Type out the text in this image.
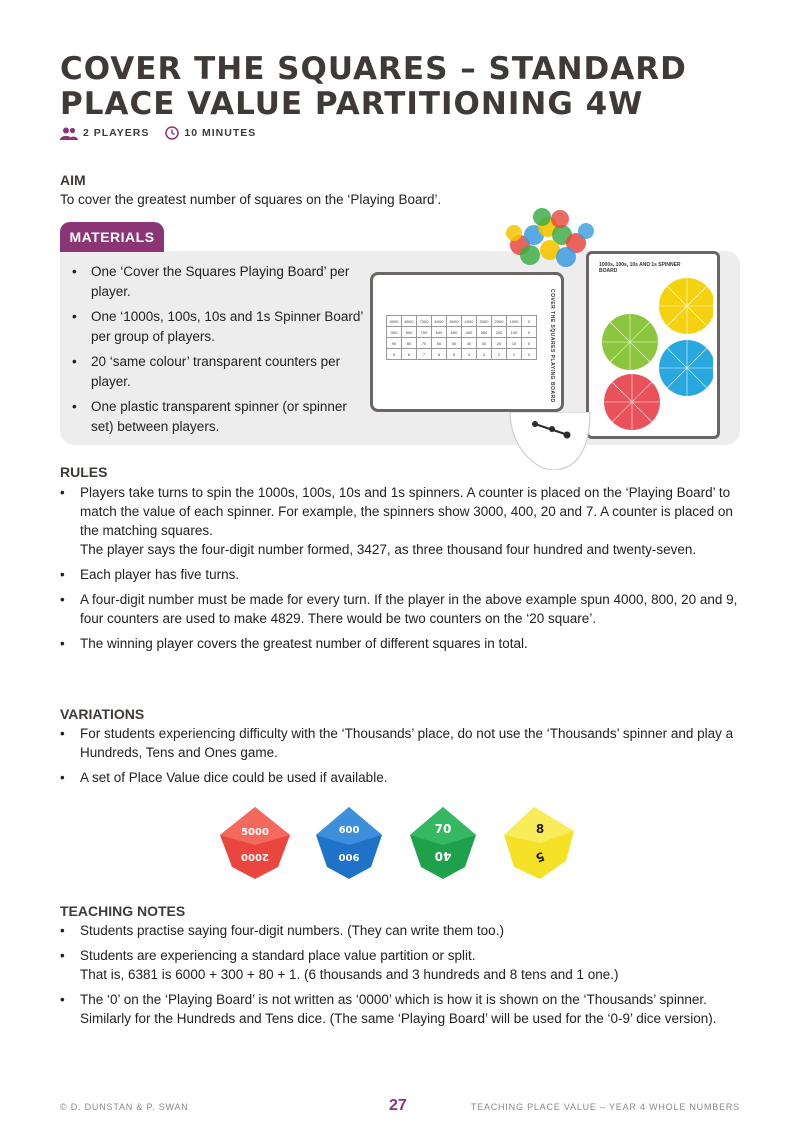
COVER THE SQUARES – STANDARD PLACE VALUE PARTITIONING 4W
2 PLAYERS	10 MINUTES
AIM
To cover the greatest number of squares on the ‘Playing Board’.
MATERIALS
• One ‘Cover the Squares Playing Board’ per player.
• One ‘1000s, 100s, 10s and 1s Spinner Board’ per group of players.
• 20 ‘same colour’ transparent counters per player.
• One plastic transparent spinner (or spinner set) between players.
COVER THE SQUARES PLAYING BOARD
9000	8000	7000	6000	5000	4000	3000	2000	1000	0
900	800	700	600	500	400	300	200	100	0
90	80	70	60	50	40	30	20	10	0
9	8	7	6	5	4	3	2	1	0
1000s, 100s, 10s AND 1s SPINNER BOARD
RULES
• Players take turns to spin the 1000s, 100s, 10s and 1s spinners. A counter is placed on the ‘Playing Board’ to match the value of each spinner. For example, the spinners show 3000, 400, 20 and 7. A counter is placed on the matching squares.
The player says the four-digit number formed, 3427, as three thousand four hundred and twenty-seven.
• Each player has five turns.
• A four-digit number must be made for every turn. If the player in the above example spun 4000, 800, 20 and 9, four counters are used to make 4829. There would be two counters on the ‘20 square’.
• The winning player covers the greatest number of different squares in total.
VARIATIONS
• For students experiencing difficulty with the ‘Thousands’ place, do not use the ‘Thousands’ spinner and play a Hundreds, Tens and Ones game.
• A set of Place Value dice could be used if available.
5000
2000
600
900
70
40
8
5
TEACHING NOTES
• Students practise saying four-digit numbers. (They can write them too.)
• Students are experiencing a standard place value partition or split.
That is, 6381 is 6000 + 300 + 80 + 1. (6 thousands and 3 hundreds and 8 tens and 1 one.)
• The ‘0’ on the ‘Playing Board’ is not written as ‘0000’ which is how it is shown on the ‘Thousands’ spinner. Similarly for the Hundreds and Tens dice. (The same ‘Playing Board’ will be used for the ‘0-9’ dice version).
© D. DUNSTAN & P. SWAN	27	TEACHING PLACE VALUE – YEAR 4 WHOLE NUMBERS
